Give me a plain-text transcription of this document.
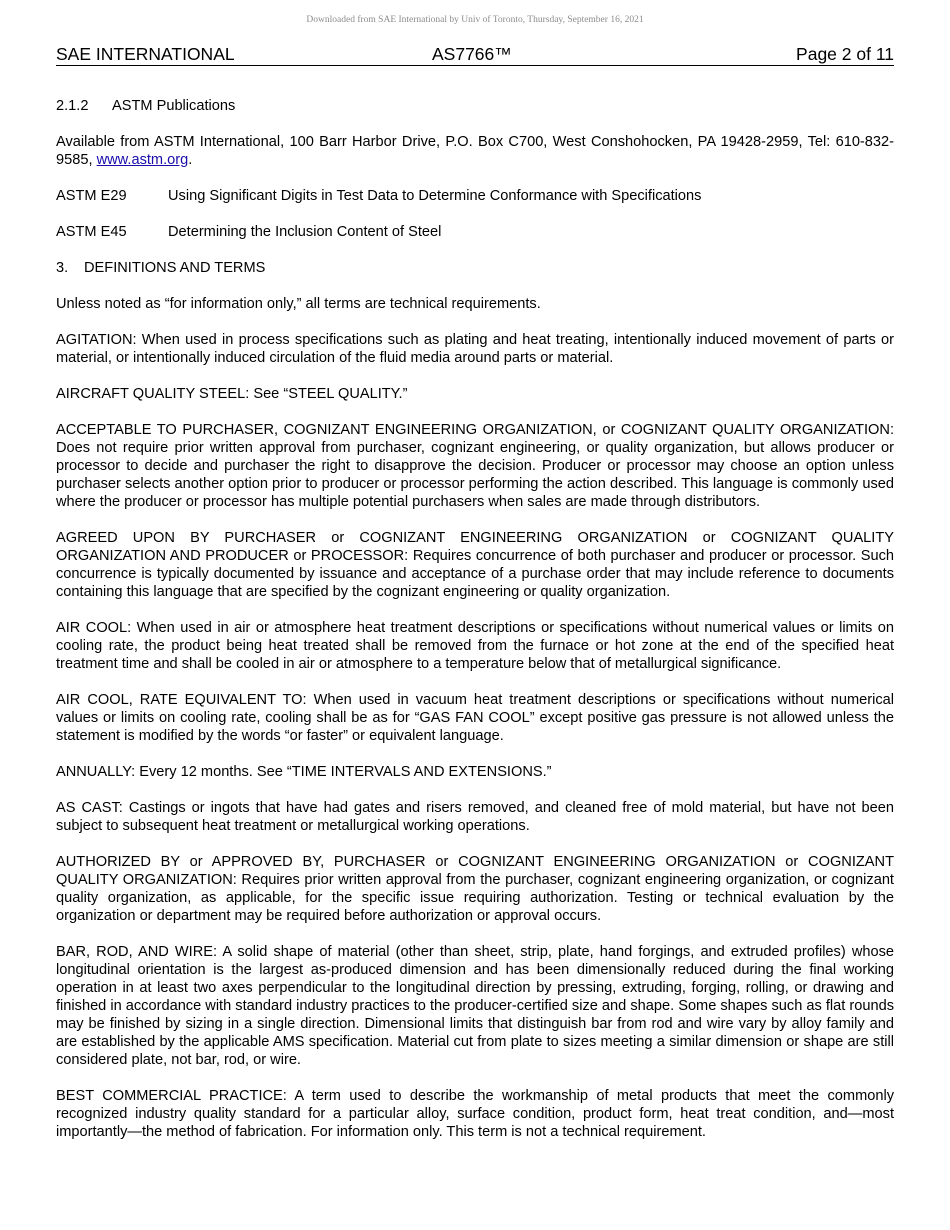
Downloaded from SAE International by Univ of Toronto, Thursday, September 16, 2021
SAE INTERNATIONAL	AS7766™	Page 2 of 11

2.1.2 ASTM Publications

Available from ASTM International, 100 Barr Harbor Drive, P.O. Box C700, West Conshohocken, PA 19428-2959, Tel: 610-832-9585, www.astm.org.

ASTM E29	Using Significant Digits in Test Data to Determine Conformance with Specifications
ASTM E45	Determining the Inclusion Content of Steel

3. DEFINITIONS AND TERMS

Unless noted as “for information only,” all terms are technical requirements.

AGITATION: When used in process specifications such as plating and heat treating, intentionally induced movement of parts or material, or intentionally induced circulation of the fluid media around parts or material.

AIRCRAFT QUALITY STEEL: See “STEEL QUALITY.”

ACCEPTABLE TO PURCHASER, COGNIZANT ENGINEERING ORGANIZATION, or COGNIZANT QUALITY ORGANIZATION: Does not require prior written approval from purchaser, cognizant engineering, or quality organization, but allows producer or processor to decide and purchaser the right to disapprove the decision. Producer or processor may choose an option unless purchaser selects another option prior to producer or processor performing the action described. This language is commonly used where the producer or processor has multiple potential purchasers when sales are made through distributors.

AGREED UPON BY PURCHASER or COGNIZANT ENGINEERING ORGANIZATION or COGNIZANT QUALITY ORGANIZATION AND PRODUCER or PROCESSOR: Requires concurrence of both purchaser and producer or processor. Such concurrence is typically documented by issuance and acceptance of a purchase order that may include reference to documents containing this language that are specified by the cognizant engineering or quality organization.

AIR COOL: When used in air or atmosphere heat treatment descriptions or specifications without numerical values or limits on cooling rate, the product being heat treated shall be removed from the furnace or hot zone at the end of the specified heat treatment time and shall be cooled in air or atmosphere to a temperature below that of metallurgical significance.

AIR COOL, RATE EQUIVALENT TO: When used in vacuum heat treatment descriptions or specifications without numerical values or limits on cooling rate, cooling shall be as for “GAS FAN COOL” except positive gas pressure is not allowed unless the statement is modified by the words “or faster” or equivalent language.

ANNUALLY: Every 12 months. See “TIME INTERVALS AND EXTENSIONS.”

AS CAST: Castings or ingots that have had gates and risers removed, and cleaned free of mold material, but have not been subject to subsequent heat treatment or metallurgical working operations.

AUTHORIZED BY or APPROVED BY, PURCHASER or COGNIZANT ENGINEERING ORGANIZATION or COGNIZANT QUALITY ORGANIZATION: Requires prior written approval from the purchaser, cognizant engineering organization, or cognizant quality organization, as applicable, for the specific issue requiring authorization. Testing or technical evaluation by the organization or department may be required before authorization or approval occurs.

BAR, ROD, AND WIRE: A solid shape of material (other than sheet, strip, plate, hand forgings, and extruded profiles) whose longitudinal orientation is the largest as-produced dimension and has been dimensionally reduced during the final working operation in at least two axes perpendicular to the longitudinal direction by pressing, extruding, forging, rolling, or drawing and finished in accordance with standard industry practices to the producer-certified size and shape. Some shapes such as flat rounds may be finished by sizing in a single direction. Dimensional limits that distinguish bar from rod and wire vary by alloy family and are established by the applicable AMS specification. Material cut from plate to sizes meeting a similar dimension or shape are still considered plate, not bar, rod, or wire.

BEST COMMERCIAL PRACTICE: A term used to describe the workmanship of metal products that meet the commonly recognized industry quality standard for a particular alloy, surface condition, product form, heat treat condition, and—most importantly—the method of fabrication. For information only. This term is not a technical requirement.
